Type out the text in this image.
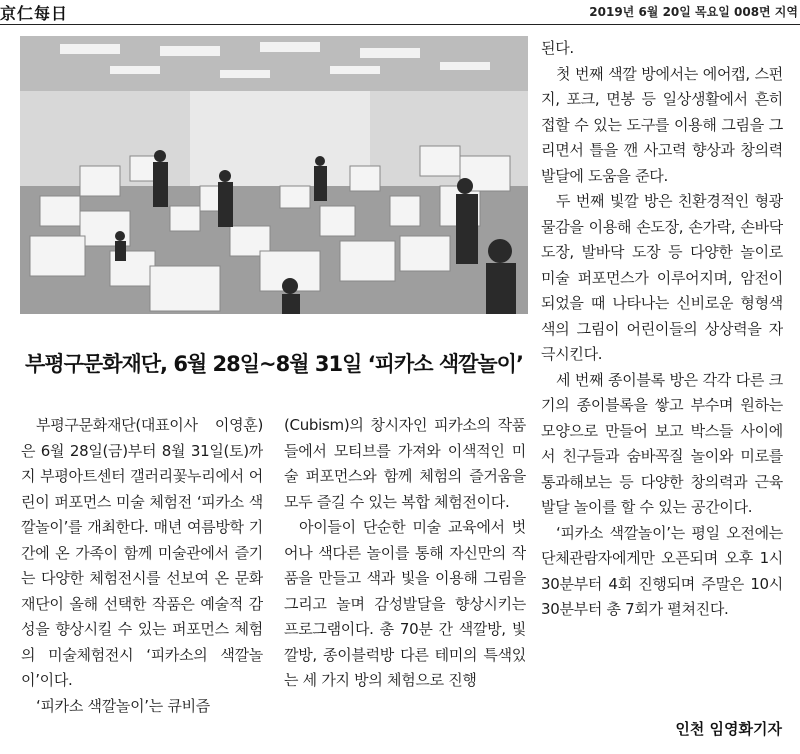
京仁每日	2019년 6월 20일 목요일 008면 지역
부평구문화재단, 6월 28일~8월 31일 ‘피카소 색깔놀이’

부평구문화재단(대표이사 이영훈)은 6월 28일(금)부터 8월 31일(토)까지 부평아트센터 갤러리꽃누리에서 어린이 퍼포먼스 미술 체험전 ‘피카소 색깔놀이’를 개최한다. 매년 여름방학 기간에 온 가족이 함께 미술관에서 즐기는 다양한 체험전시를 선보여 온 문화재단이 올해 선택한 작품은 예술적 감성을 향상시킬 수 있는 퍼포먼스 체험의 미술체험전시 ‘피카소의 색깔놀이’이다.

‘피카소 색깔놀이’는 큐비즘

(Cubism)의 창시자인 피카소의 작품들에서 모티브를 가져와 이색적인 미술 퍼포먼스와 함께 체험의 즐거움을 모두 즐길 수 있는 복합 체험전이다.

아이들이 단순한 미술 교육에서 벗어나 색다른 놀이를 통해 자신만의 작품을 만들고 색과 빛을 이용해 그림을 그리고 놀며 감성발달을 향상시키는 프로그램이다. 총 70분 간 색깔방, 빛깔방, 종이블럭방 다른 테미의 특색있는 세 가지 방의 체험으로 진행

된다.

첫 번째 색깔 방에서는 에어캡, 스펀지, 포크, 면봉 등 일상생활에서 흔히 접할 수 있는 도구를 이용해 그림을 그리면서 틀을 깬 사고력 향상과 창의력 발달에 도움을 준다.

두 번째 빛깔 방은 친환경적인 형광물감을 이용해 손도장, 손가락, 손바닥 도장, 발바닥 도장 등 다양한 놀이로 미술 퍼포먼스가 이루어지며, 암전이 되었을 때 나타나는 신비로운 형형색색의 그림이 어린이들의 상상력을 자극시킨다.

세 번째 종이블록 방은 각각 다른 크기의 종이블록을 쌓고 부수며 원하는 모양으로 만들어 보고 박스들 사이에서 친구들과 숨바꼭질 놀이와 미로를 통과해보는 등 다양한 창의력과 근육 발달 놀이를 할 수 있는 공간이다.

‘피카소 색깔놀이’는 평일 오전에는 단체관람자에게만 오픈되며 오후 1시 30분부터 4회 진행되며 주말은 10시 30분부터 총 7회가 펼쳐진다.

인천 임영화기자
